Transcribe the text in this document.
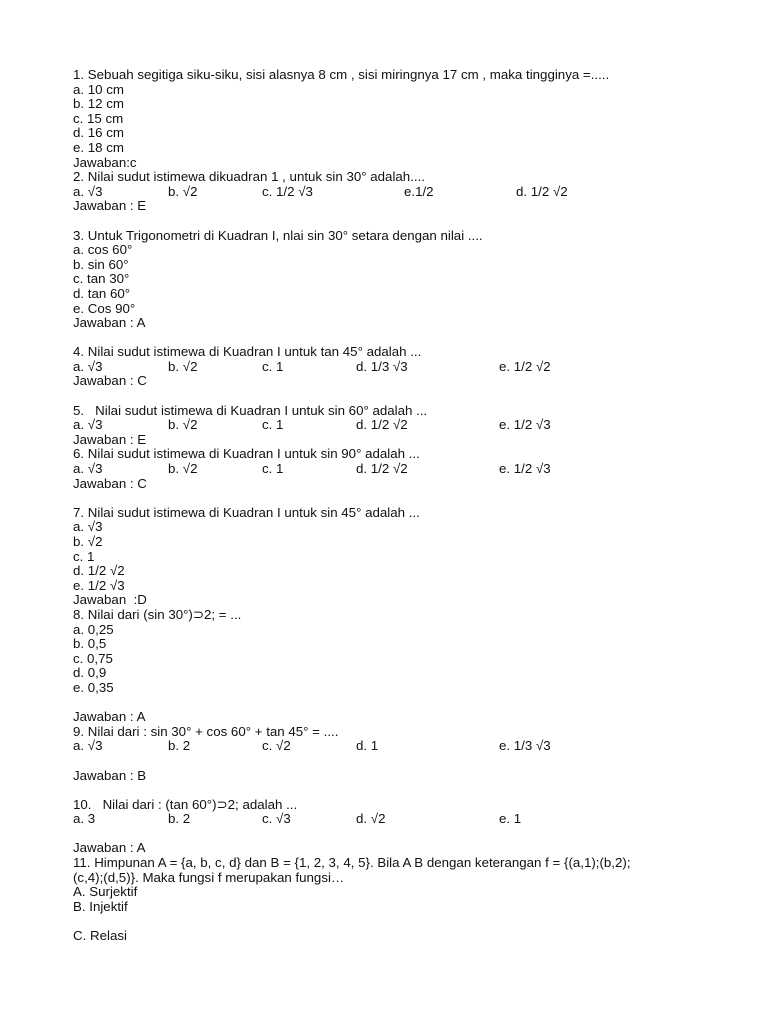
1. Sebuah segitiga siku-siku, sisi alasnya 8 cm , sisi miringnya 17 cm , maka tingginya =.....
a. 10 cm
b. 12 cm
c. 15 cm
d. 16 cm
e. 18 cm
Jawaban:c
2. Nilai sudut istimewa dikuadran 1 , untuk sin 30° adalah....
a. √3	b. √2	c. 1/2 √3	e.1/2	d. 1/2 √2
Jawaban : E
3. Untuk Trigonometri di Kuadran I, nlai sin 30° setara dengan nilai ....
a. cos 60°
b. sin 60°
c. tan 30°
d. tan 60°
e. Cos 90°
Jawaban : A
4. Nilai sudut istimewa di Kuadran I untuk tan 45° adalah ...
a. √3	b. √2	c. 1	d. 1/3 √3	e. 1/2 √2
Jawaban : C
5.   Nilai sudut istimewa di Kuadran I untuk sin 60° adalah ...
a. √3	b. √2	c. 1	d. 1/2 √2	e. 1/2 √3
Jawaban : E
6. Nilai sudut istimewa di Kuadran I untuk sin 90° adalah ...
a. √3	b. √2	c. 1	d. 1/2 √2	e. 1/2 √3
Jawaban : C
7. Nilai sudut istimewa di Kuadran I untuk sin 45° adalah ...
a. √3
b. √2
c. 1
d. 1/2 √2
e. 1/2 √3
Jawaban  :D
8. Nilai dari (sin 30°)⊃2; = ...
a. 0,25
b. 0,5
c. 0,75
d. 0,9
e. 0,35
Jawaban : A
9. Nilai dari : sin 30° + cos 60° + tan 45° = ....
a. √3	b. 2	c. √2	d. 1	e. 1/3 √3
Jawaban : B
10.   Nilai dari : (tan 60°)⊃2; adalah ...
a. 3	b. 2	c. √3	d. √2	e. 1
Jawaban : A
11. Himpunan A = {a, b, c, d} dan B = {1, 2, 3, 4, 5}. Bila A B dengan keterangan f = {(a,1);(b,2);
(c,4);(d,5)}. Maka fungsi f merupakan fungsi…
A. Surjektif
B. Injektif
C. Relasi
